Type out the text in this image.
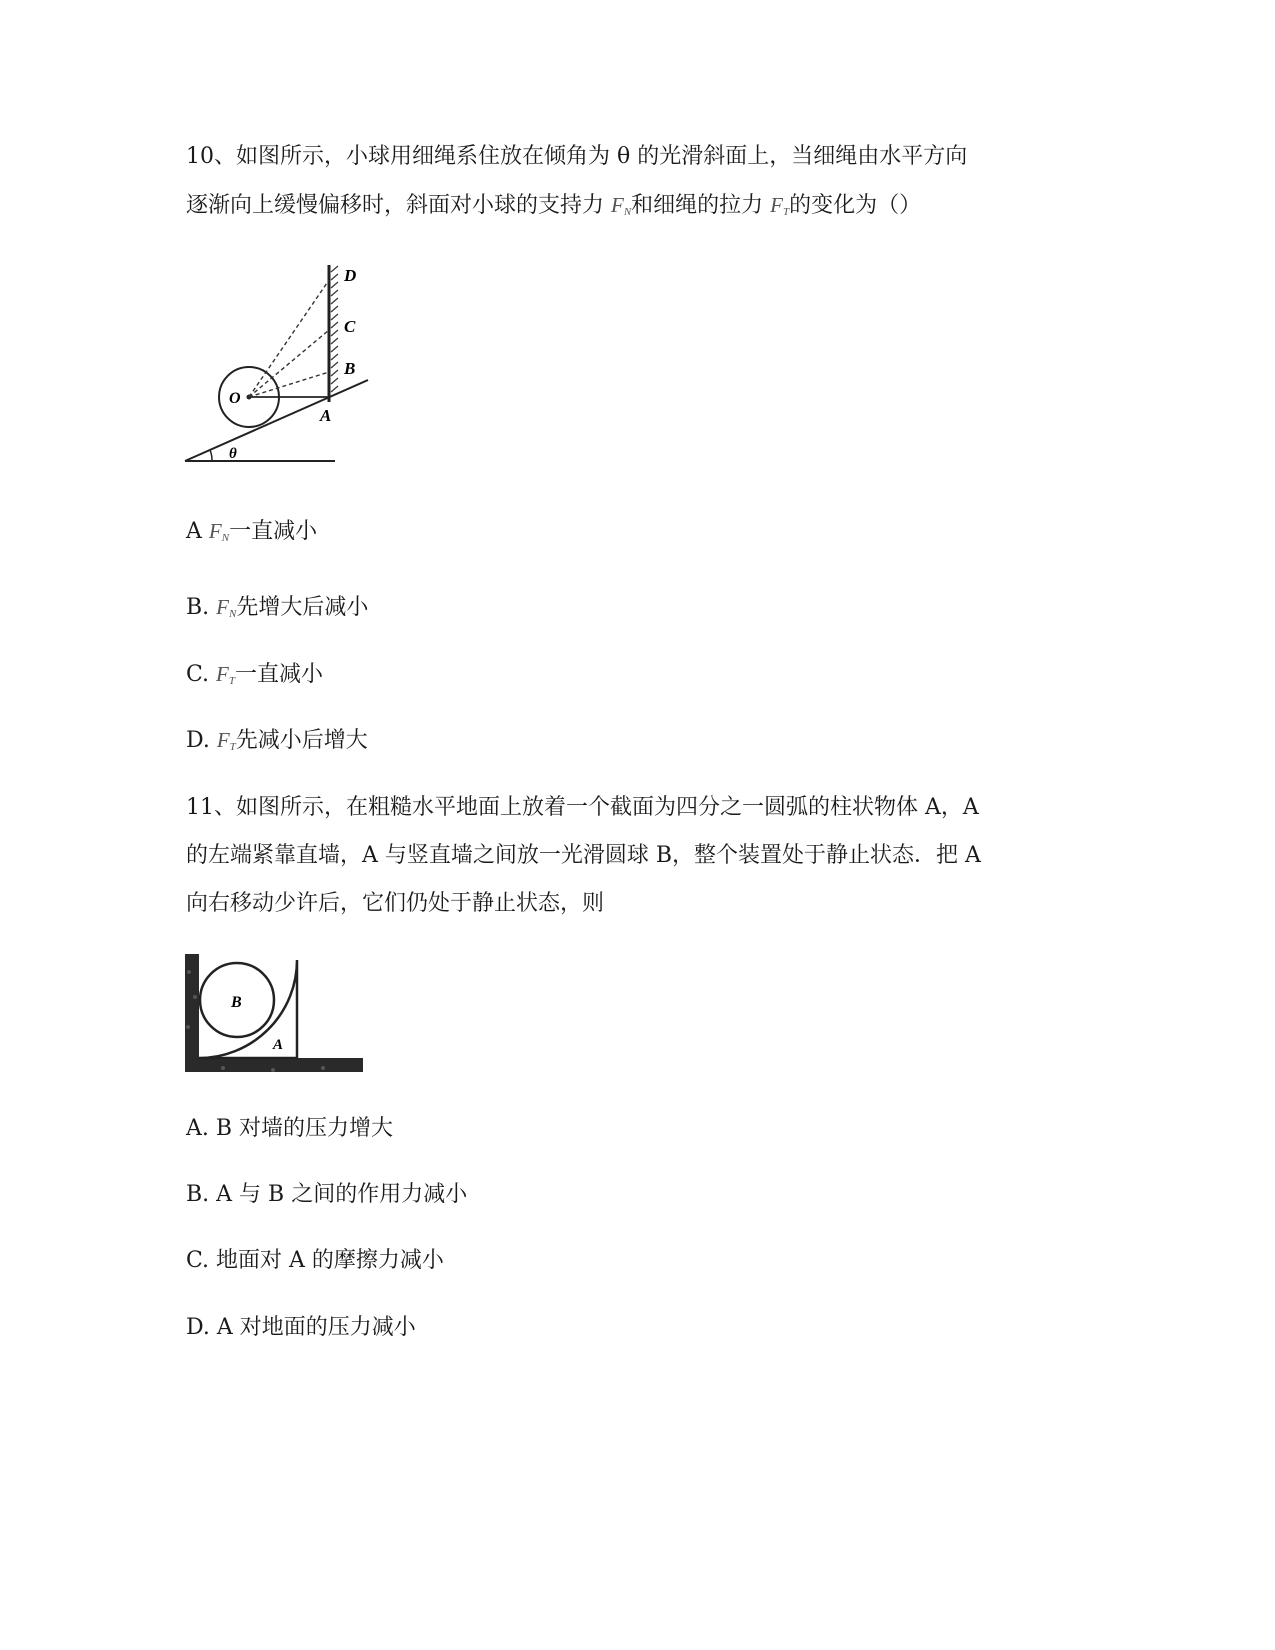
10、如图所示，小球用细绳系住放在倾角为 θ 的光滑斜面上，当细绳由水平方向
逐渐向上缓慢偏移时，斜面对小球的支持力 $F_N$和细绳的拉力 $F_T$的变化为（）
D
C
B
O
A
θ
A $F_N$一直减小
B. $F_N$先增大后减小
C. $F_T$一直减小
D. $F_T$先减小后增大
11、如图所示，在粗糙水平地面上放着一个截面为四分之一圆弧的柱状物体 A，A
的左端紧靠直墙，A 与竖直墙之间放一光滑圆球 B，整个装置处于静止状态．把 A
向右移动少许后，它们仍处于静止状态，则
B
A
A. B 对墙的压力增大
B. A 与 B 之间的作用力减小
C. 地面对 A 的摩擦力减小
D. A 对地面的压力减小
